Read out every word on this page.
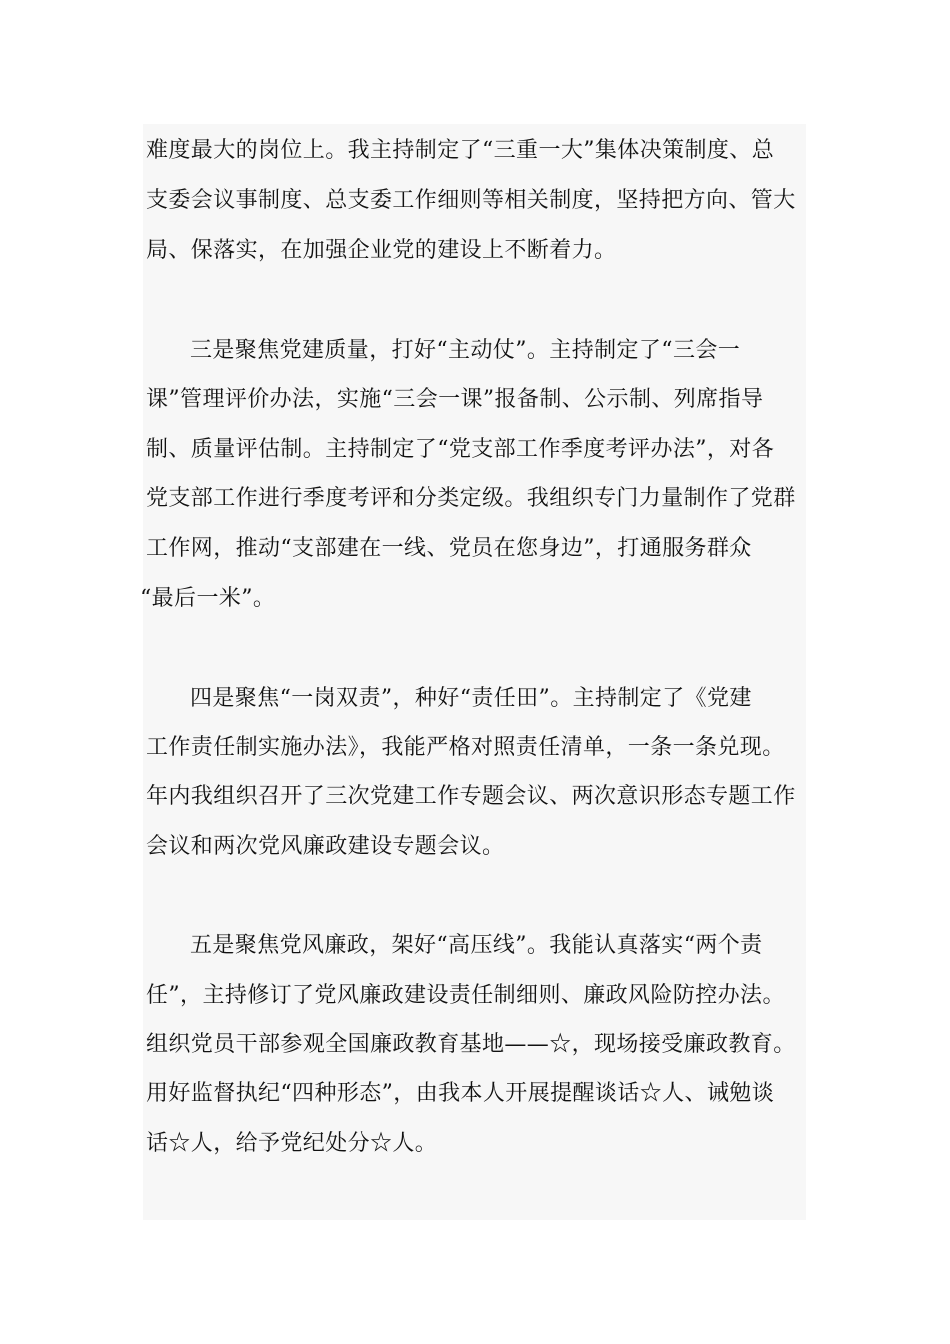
难度最大的岗位上。我主持制定了“三重一大”集体决策制度、总
支委会议事制度、总支委工作细则等相关制度，坚持把方向、管大
局、保落实，在加强企业党的建设上不断着力。
三是聚焦党建质量，打好“主动仗”。主持制定了“三会一
课”管理评价办法，实施“三会一课”报备制、公示制、列席指导
制、质量评估制。主持制定了“党支部工作季度考评办法”，对各
党支部工作进行季度考评和分类定级。我组织专门力量制作了党群
工作网，推动“支部建在一线、党员在您身边”，打通服务群众
“最后一米”。
四是聚焦“一岗双责”，种好“责任田”。主持制定了《党建
工作责任制实施办法》，我能严格对照责任清单，一条一条兑现。
年内我组织召开了三次党建工作专题会议、两次意识形态专题工作
会议和两次党风廉政建设专题会议。
五是聚焦党风廉政，架好“高压线”。我能认真落实“两个责
任”，主持修订了党风廉政建设责任制细则、廉政风险防控办法。
组织党员干部参观全国廉政教育基地——☆，现场接受廉政教育。
用好监督执纪“四种形态”，由我本人开展提醒谈话☆人、诫勉谈
话☆人，给予党纪处分☆人。
